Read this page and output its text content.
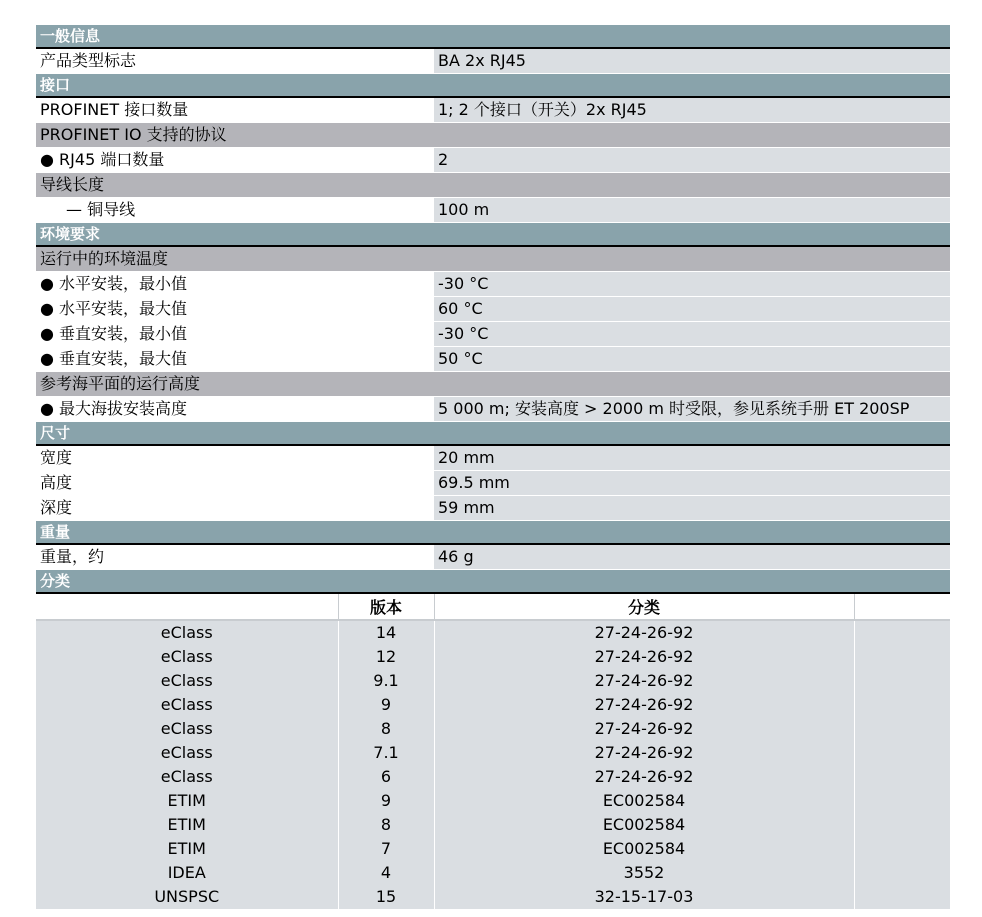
一般信息
产品类型标志	BA 2x RJ45
接口
PROFINET 接口数量	1; 2 个接口（开关）2x RJ45
PROFINET IO 支持的协议
● RJ45 端口数量	2
导线长度
— 铜导线	100 m
环境要求
运行中的环境温度
● 水平安装，最小值	-30 °C
● 水平安装，最大值	60 °C
● 垂直安装，最小值	-30 °C
● 垂直安装，最大值	50 °C
参考海平面的运行高度
● 最大海拔安装高度	5 000 m; 安装高度 > 2000 m 时受限，参见系统手册 ET 200SP
尺寸
宽度	20 mm
高度	69.5 mm
深度	59 mm
重量
重量，约	46 g
分类
	版本	分类	
eClass	14	27-24-26-92	
eClass	12	27-24-26-92	
eClass	9.1	27-24-26-92	
eClass	9	27-24-26-92	
eClass	8	27-24-26-92	
eClass	7.1	27-24-26-92	
eClass	6	27-24-26-92	
ETIM	9	EC002584	
ETIM	8	EC002584	
ETIM	7	EC002584	
IDEA	4	3552	
UNSPSC	15	32-15-17-03	
